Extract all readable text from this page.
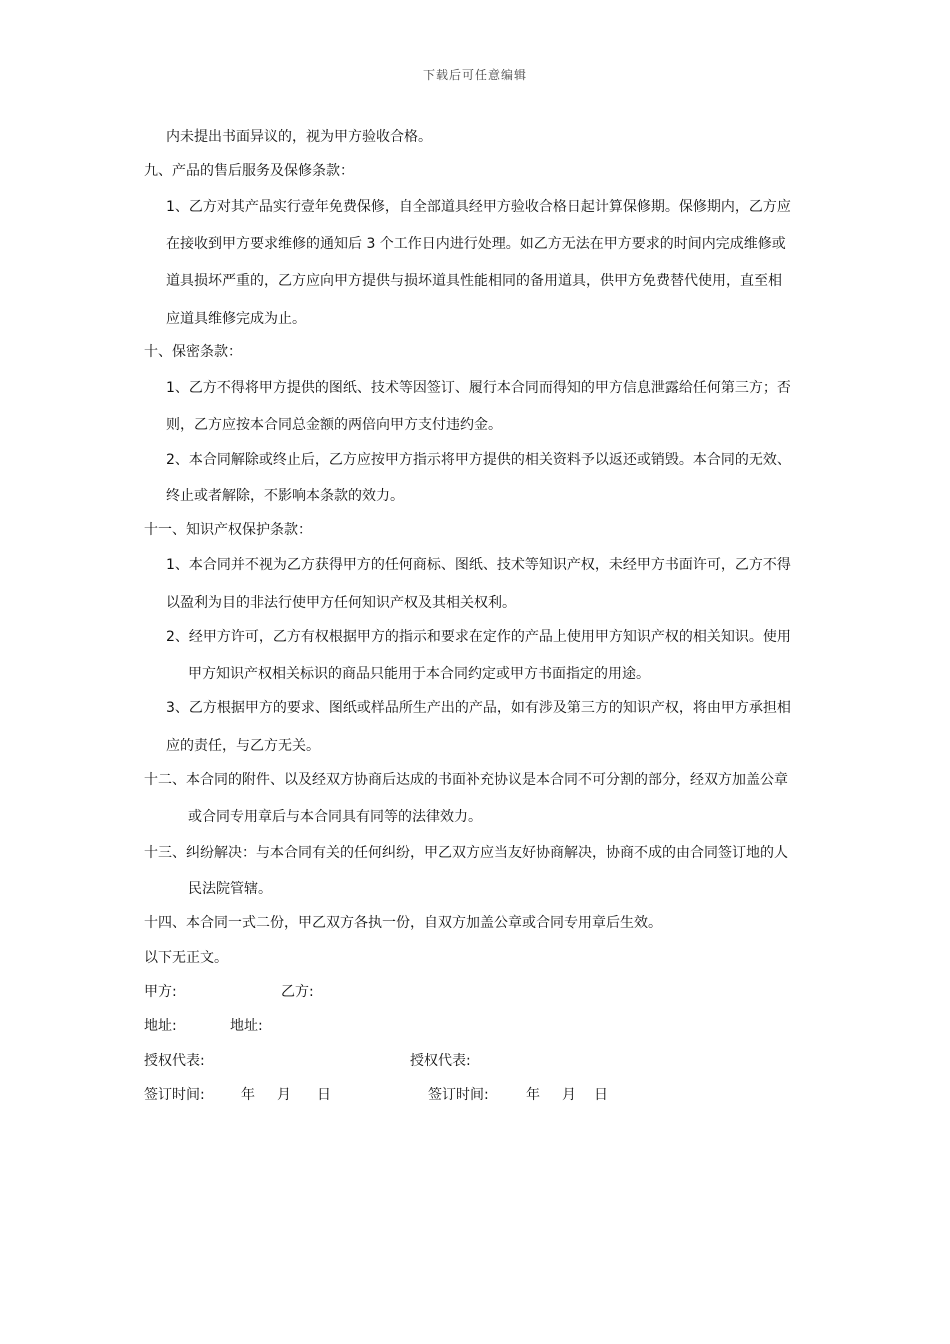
下载后可任意编辑
内未提出书面异议的，视为甲方验收合格。
九、产品的售后服务及保修条款：
1、乙方对其产品实行壹年免费保修，自全部道具经甲方验收合格日起计算保修期。保修期内，乙方应
在接收到甲方要求维修的通知后 3 个工作日内进行处理。如乙方无法在甲方要求的时间内完成维修或
道具损坏严重的，乙方应向甲方提供与损坏道具性能相同的备用道具，供甲方免费替代使用，直至相
应道具维修完成为止。
十、保密条款：
1、乙方不得将甲方提供的图纸、技术等因签订、履行本合同而得知的甲方信息泄露给任何第三方；否
则，乙方应按本合同总金额的两倍向甲方支付违约金。
2、本合同解除或终止后，乙方应按甲方指示将甲方提供的相关资料予以返还或销毁。本合同的无效、
终止或者解除，不影响本条款的效力。
十一、知识产权保护条款：
1、本合同并不视为乙方获得甲方的任何商标、图纸、技术等知识产权，未经甲方书面许可，乙方不得
以盈利为目的非法行使甲方任何知识产权及其相关权利。
2、经甲方许可，乙方有权根据甲方的指示和要求在定作的产品上使用甲方知识产权的相关知识。使用
甲方知识产权相关标识的商品只能用于本合同约定或甲方书面指定的用途。
3、乙方根据甲方的要求、图纸或样品所生产出的产品，如有涉及第三方的知识产权，将由甲方承担相
应的责任，与乙方无关。
十二、本合同的附件、以及经双方协商后达成的书面补充协议是本合同不可分割的部分，经双方加盖公章
或合同专用章后与本合同具有同等的法律效力。
十三、纠纷解决：与本合同有关的任何纠纷，甲乙双方应当友好协商解决，协商不成的由合同签订地的人
民法院管辖。
十四、本合同一式二份，甲乙双方各执一份，自双方加盖公章或合同专用章后生效。
以下无正文。
甲方:	乙方:
地址:	地址:
授权代表:	授权代表:
签订时间:	年 月 日	签订时间:	年 月 日
